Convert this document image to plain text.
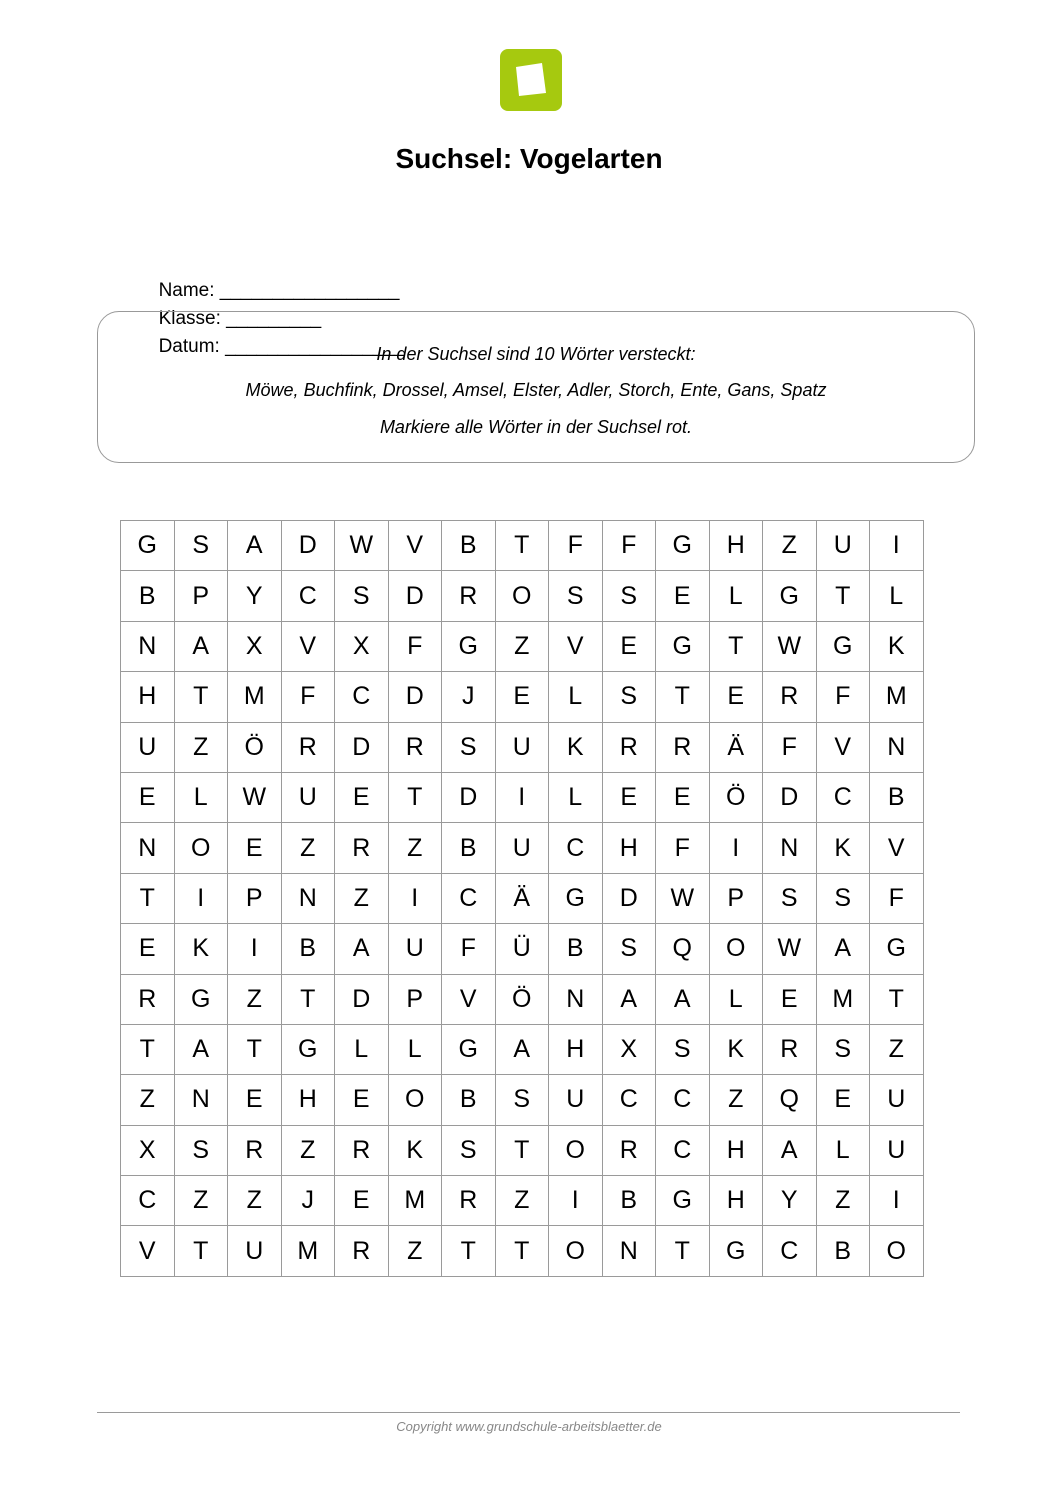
Suchsel: Vogelarten

Name: _________________
Klasse: _________
Datum: _________________

In der Suchsel sind 10 Wörter versteckt:
Möwe, Buchfink, Drossel, Amsel, Elster, Adler, Storch, Ente, Gans, Spatz
Markiere alle Wörter in der Suchsel rot.
G	S	A	D	W	V	B	T	F	F	G	H	Z	U	I
B	P	Y	C	S	D	R	O	S	S	E	L	G	T	L
N	A	X	V	X	F	G	Z	V	E	G	T	W	G	K
H	T	M	F	C	D	J	E	L	S	T	E	R	F	M
U	Z	Ö	R	D	R	S	U	K	R	R	Ä	F	V	N
E	L	W	U	E	T	D	I	L	E	E	Ö	D	C	B
N	O	E	Z	R	Z	B	U	C	H	F	I	N	K	V
T	I	P	N	Z	I	C	Ä	G	D	W	P	S	S	F
E	K	I	B	A	U	F	Ü	B	S	Q	O	W	A	G
R	G	Z	T	D	P	V	Ö	N	A	A	L	E	M	T
T	A	T	G	L	L	G	A	H	X	S	K	R	S	Z
Z	N	E	H	E	O	B	S	U	C	C	Z	Q	E	U
X	S	R	Z	R	K	S	T	O	R	C	H	A	L	U
C	Z	Z	J	E	M	R	Z	I	B	G	H	Y	Z	I
V	T	U	M	R	Z	T	T	O	N	T	G	C	B	O
Copyright www.grundschule-arbeitsblaetter.de
